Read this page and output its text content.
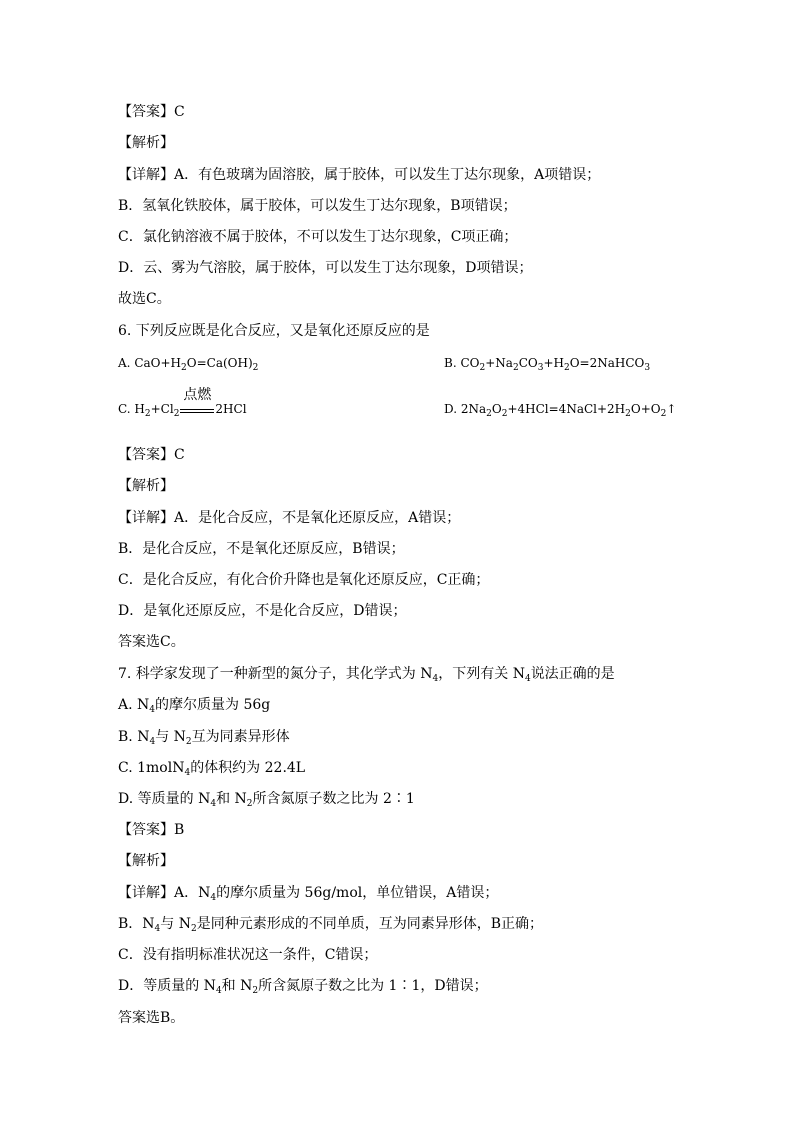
【答案】C
【解析】
【详解】A．有色玻璃为固溶胶，属于胶体，可以发生丁达尔现象，A项错误；
B．氢氧化铁胶体，属于胶体，可以发生丁达尔现象，B项错误；
C．氯化钠溶液不属于胶体，不可以发生丁达尔现象，C项正确；
D．云、雾为气溶胶，属于胶体，可以发生丁达尔现象，D项错误；
故选C。
6. 下列反应既是化合反应，又是氧化还原反应的是
A. $CaO+H_2O=Ca(OH)_2$	B. $CO_2+Na_2CO_3+H_2O=2NaHCO_3$
C. $H_2+Cl_2$
点燃
2HCl	D. $2Na_2O_2+4HCl=4NaCl+2H_2O+O_2↑$
【答案】C
【解析】
【详解】A．是化合反应，不是氧化还原反应，A错误；
B．是化合反应，不是氧化还原反应，B错误；
C．是化合反应，有化合价升降也是氧化还原反应，C正确；
D．是氧化还原反应，不是化合反应，D错误；
答案选C。
7. 科学家发现了一种新型的氮分子，其化学式为 $N_4$，下列有关 $N_4$说法正确的是
A. $N_4$的摩尔质量为 56g
B. $N_4$与 $N_2$互为同素异形体
C. 1molN$_4$的体积约为 22.4L
D. 等质量的 $N_4$和 $N_2$所含氮原子数之比为 2∶1
【答案】B
【解析】
【详解】A．$N_4$的摩尔质量为 56g/mol，单位错误，A错误；
B．$N_4$与 $N_2$是同种元素形成的不同单质，互为同素异形体，B正确；
C．没有指明标准状况这一条件，C错误；
D．等质量的 $N_4$和 $N_2$所含氮原子数之比为 1∶1，D错误；
答案选B。
